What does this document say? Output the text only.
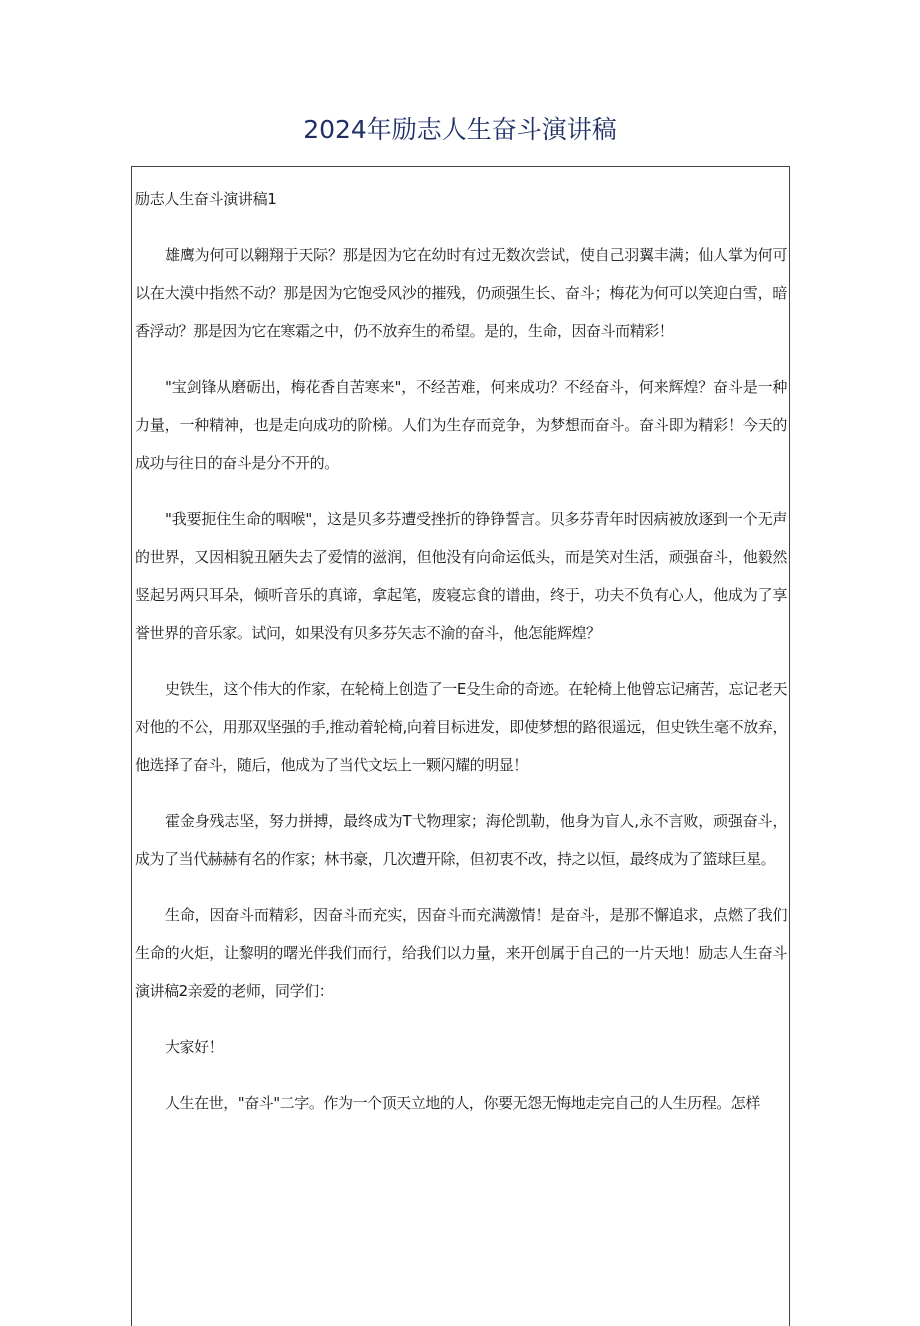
2024年励志人生奋斗演讲稿

励志人生奋斗演讲稿1

雄鹰为何可以翱翔于天际？那是因为它在幼时有过无数次尝试，使自己羽翼丰满；仙人掌为何可以在大漠中指然不动？那是因为它饱受风沙的摧残，仍顽强生长、奋斗；梅花为何可以笑迎白雪，暗香浮动？那是因为它在寒霜之中，仍不放弃生的希望。是的，生命，因奋斗而精彩！

"宝剑锋从磨砺出，梅花香自苦寒来"，不经苦难，何来成功？不经奋斗，何来辉煌？奋斗是一种力量，一种精神，也是走向成功的阶梯。人们为生存而竞争，为梦想而奋斗。奋斗即为精彩！今天的成功与往日的奋斗是分不开的。

"我要扼住生命的咽喉"，这是贝多芬遭受挫折的铮铮誓言。贝多芬青年时因病被放逐到一个无声的世界，又因相貌丑陋失去了爱情的滋润，但他没有向命运低头，而是笑对生活，顽强奋斗，他毅然竖起另两只耳朵，倾听音乐的真谛，拿起笔，废寝忘食的谱曲，终于，功夫不负有心人，他成为了享誉世界的音乐家。试问，如果没有贝多芬矢志不渝的奋斗，他怎能辉煌？

史铁生，这个伟大的作家，在轮椅上创造了一E殳生命的奇迹。在轮椅上他曾忘记痛苦，忘记老天对他的不公，用那双坚强的手,推动着轮椅,向着目标进发，即使梦想的路很遥远，但史铁生毫不放弃，他选择了奋斗，随后，他成为了当代文坛上一颗闪耀的明显！

霍金身残志坚，努力拼搏，最终成为T弋物理家；海伦凯勒，他身为盲人,永不言败，顽强奋斗，成为了当代赫赫有名的作家；林书豪，几次遭开除，但初衷不改，持之以恒，最终成为了篮球巨星。

生命，因奋斗而精彩，因奋斗而充实，因奋斗而充满激情！是奋斗，是那不懈追求，点燃了我们生命的火炬，让黎明的曙光伴我们而行，给我们以力量，来开创属于自己的一片天地！励志人生奋斗演讲稿2亲爱的老师，同学们：

大家好！

人生在世，"奋斗"二字。作为一个顶天立地的人，你要无怨无悔地走完自己的人生历程。怎样
